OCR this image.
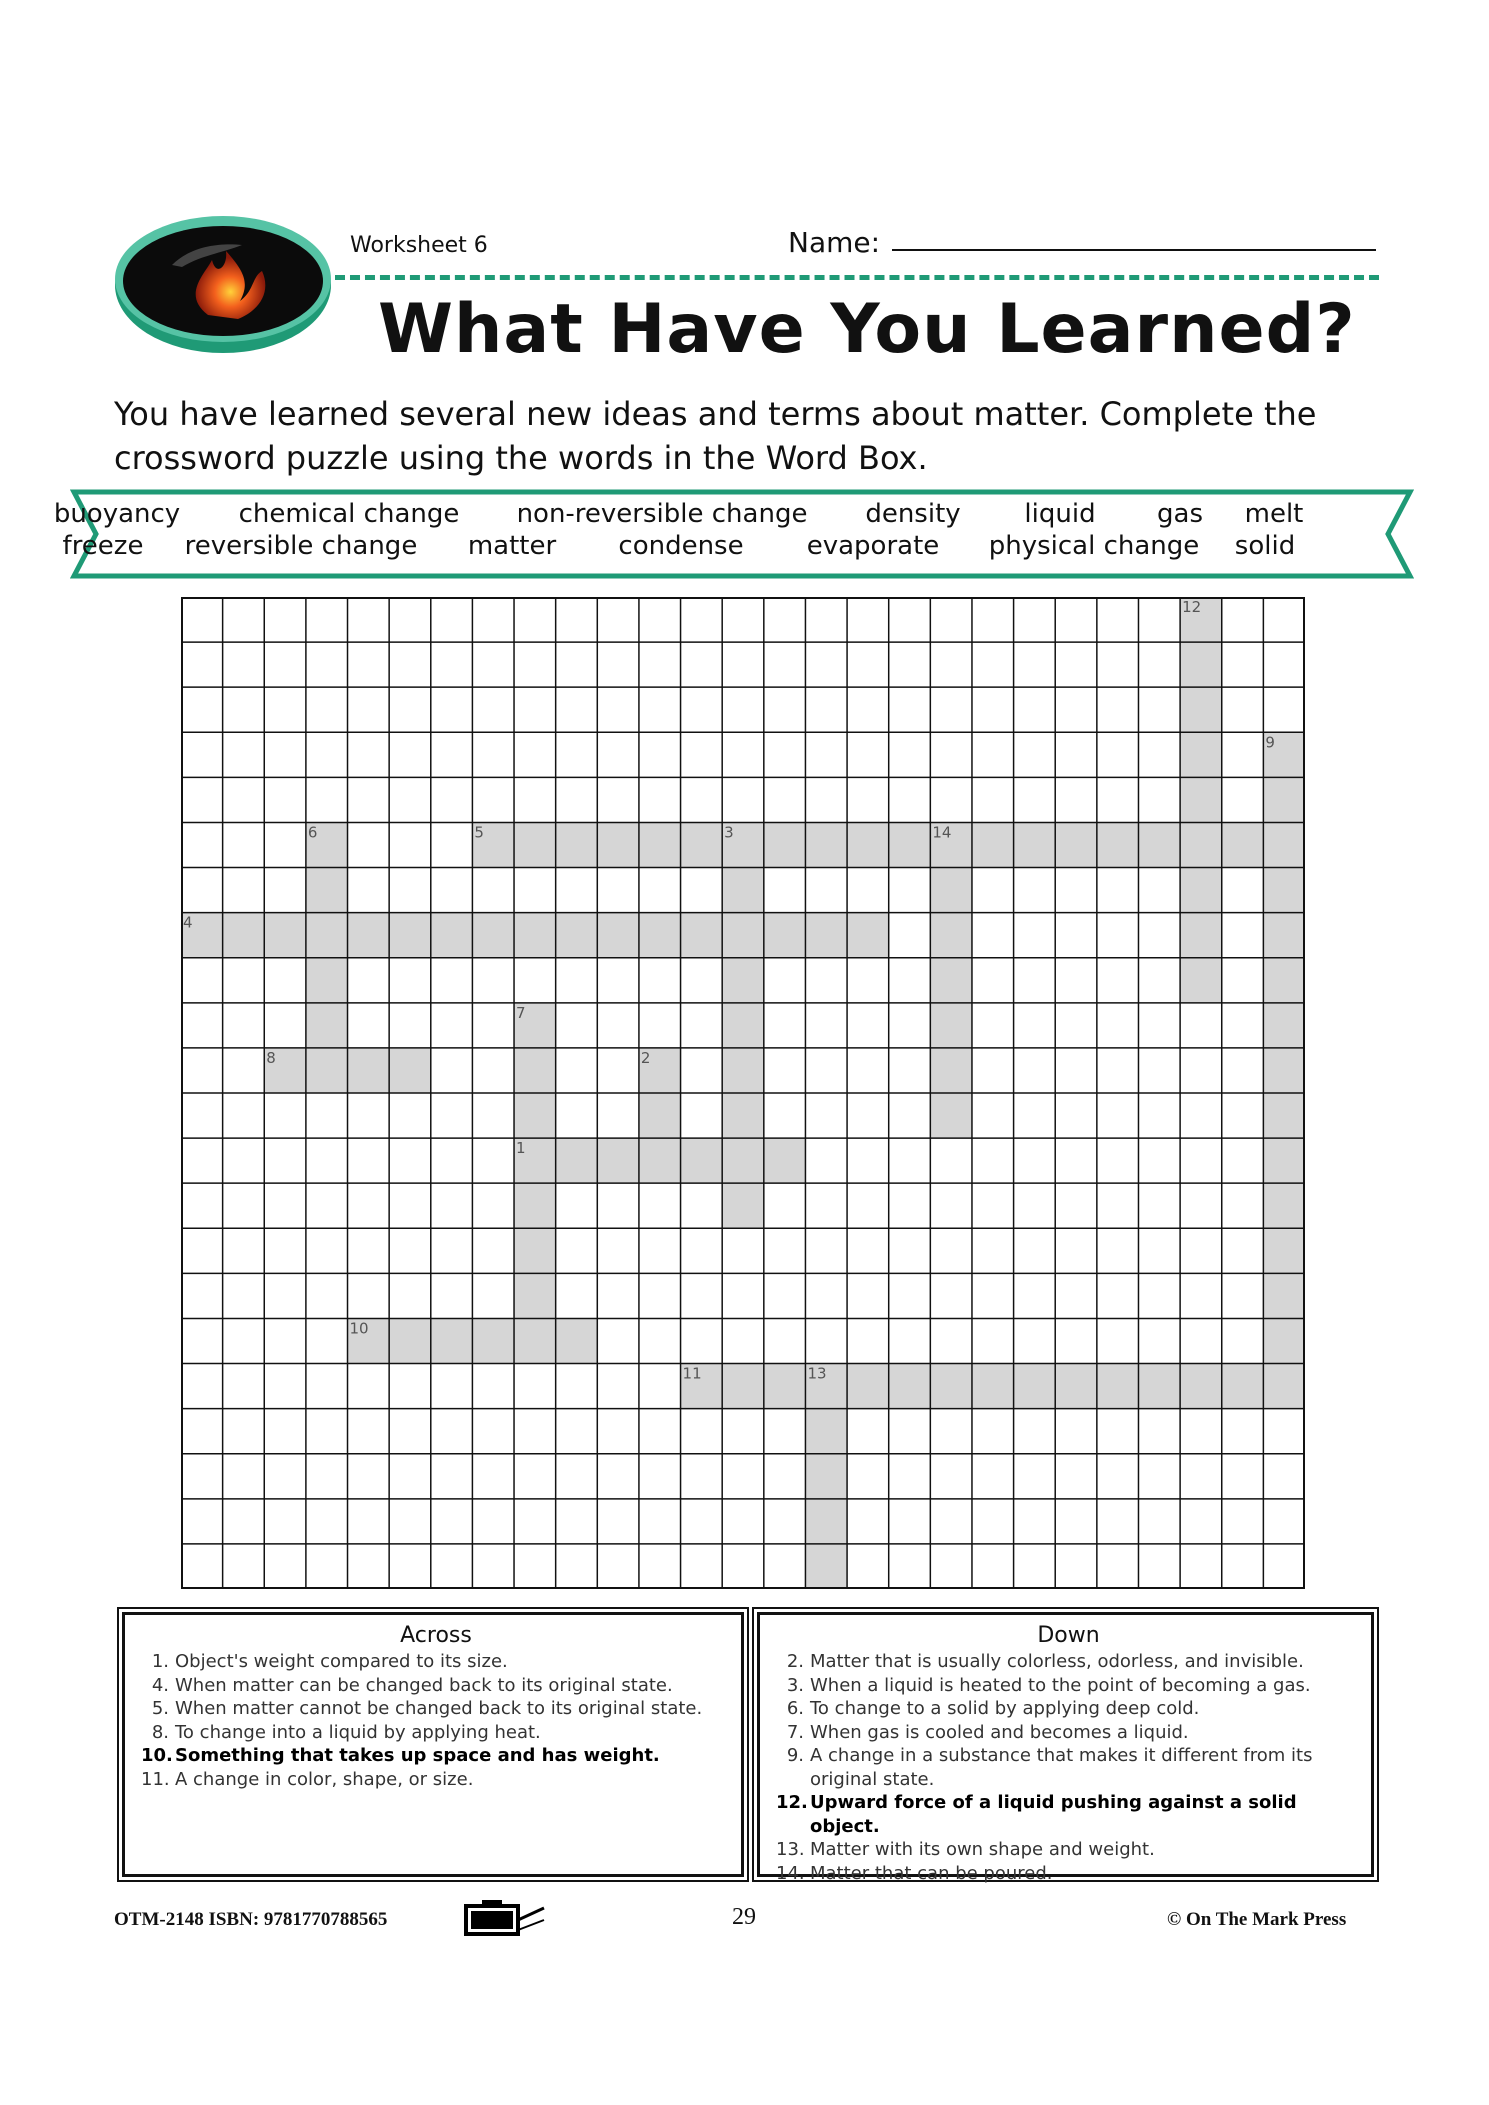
Worksheet 6	Name:
What Have You Learned?
You have learned several new ideas and terms about matter. Complete the crossword puzzle using the words in the Word Box.
buoyancy chemical change non-reversible change density liquid gas melt
freeze reversible change matter condense evaporate physical change solid
1
2
3
4
5
6
7
8
9
10
11
12
13
14
Across
1. Object's weight compared to its size.
4. When matter can be changed back to its original state.
5. When matter cannot be changed back to its original state.
8. To change into a liquid by applying heat.
10. Something that takes up space and has weight.
11. A change in color, shape, or size.
Down
2. Matter that is usually colorless, odorless, and invisible.
3. When a liquid is heated to the point of becoming a gas.
6. To change to a solid by applying deep cold.
7. When gas is cooled and becomes a liquid.
9. A change in a substance that makes it different from its original state.
12. Upward force of a liquid pushing against a solid object.
13. Matter with its own shape and weight.
14. Matter that can be poured.
OTM-2148 ISBN: 9781770788565	29	© On The Mark Press
